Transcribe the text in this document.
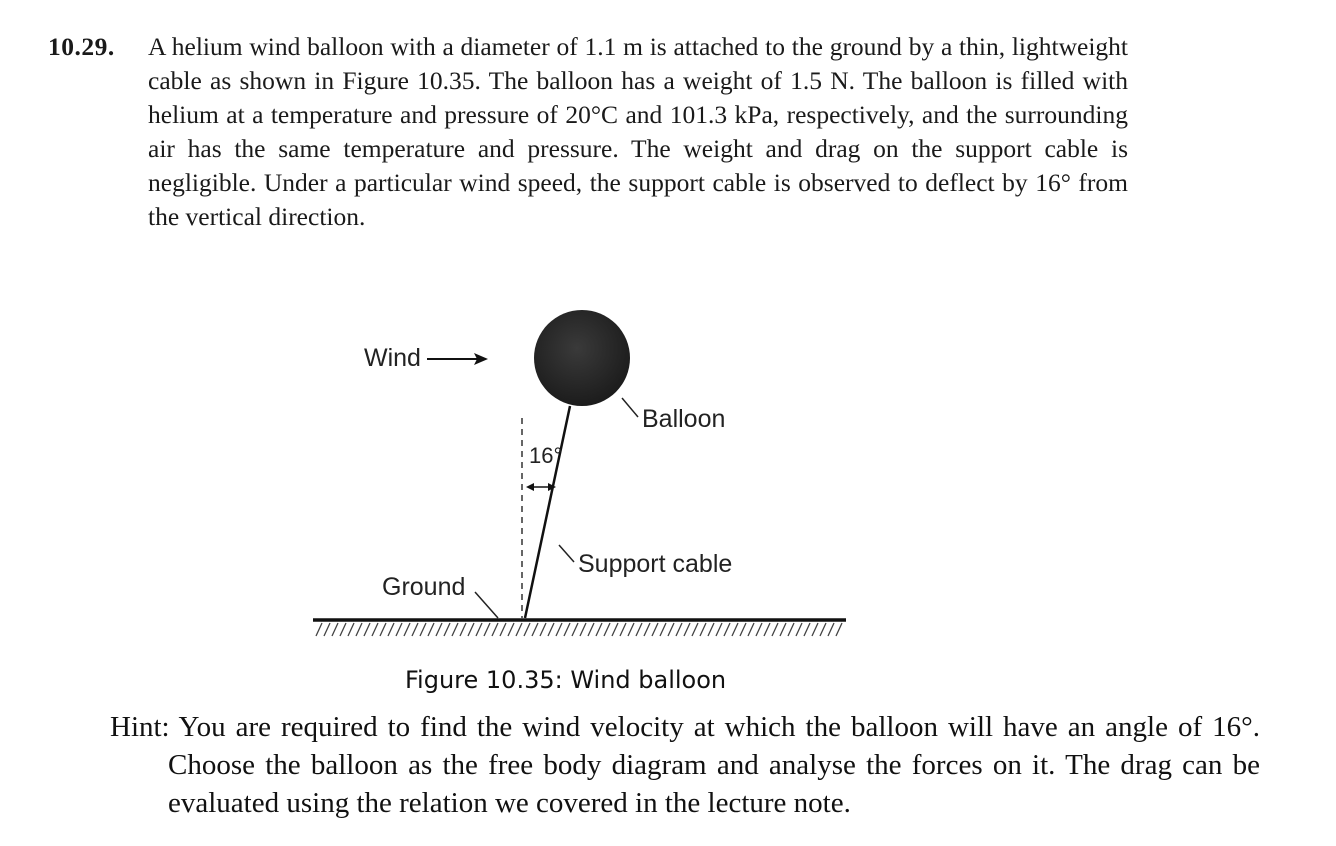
10.29. A helium wind balloon with a diameter of 1.1 m is attached to the ground by a thin, lightweight cable as shown in Figure 10.35. The balloon has a weight of 1.5 N. The balloon is filled with helium at a temperature and pressure of 20°C and 101.3 kPa, respectively, and the surrounding air has the same temperature and pressure. The weight and drag on the support cable is negligible. Under a particular wind speed, the support cable is observed to deflect by 16° from the vertical direction.
Wind
Balloon
16°
Support cable
Ground
Figure 10.35: Wind balloon
Hint: You are required to find the wind velocity at which the balloon will have an angle of 16°. Choose the balloon as the free body diagram and analyse the forces on it. The drag can be evaluated using the relation we covered in the lecture note.
